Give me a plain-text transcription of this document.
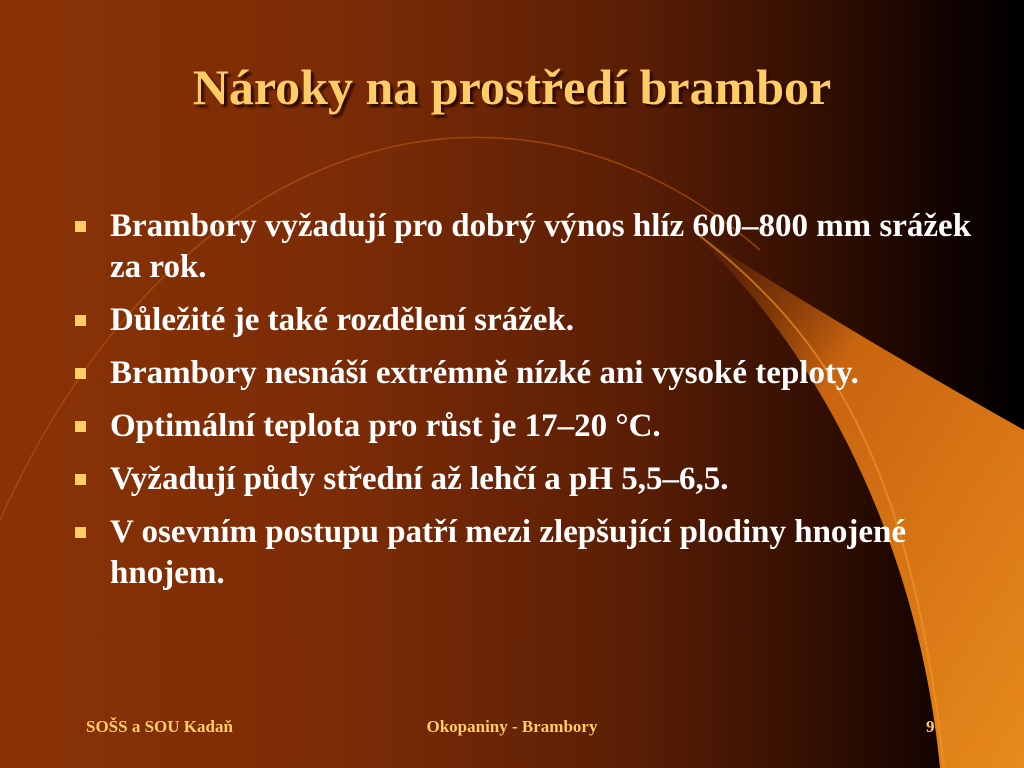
Nároky na prostředí brambor
Brambory vyžadují pro dobrý výnos hlíz 600–800 mm srážek za rok.
Důležité je také rozdělení srážek.
Brambory nesnáší extrémně nízké ani vysoké teploty.
Optimální teplota pro růst je 17–20 °C.
Vyžadují půdy střední až lehčí a pH 5,5–6,5.
V osevním postupu patří mezi zlepšující plodiny hnojené hnojem.
SOŠS a SOU Kadaň	Okopaniny - Brambory	9
